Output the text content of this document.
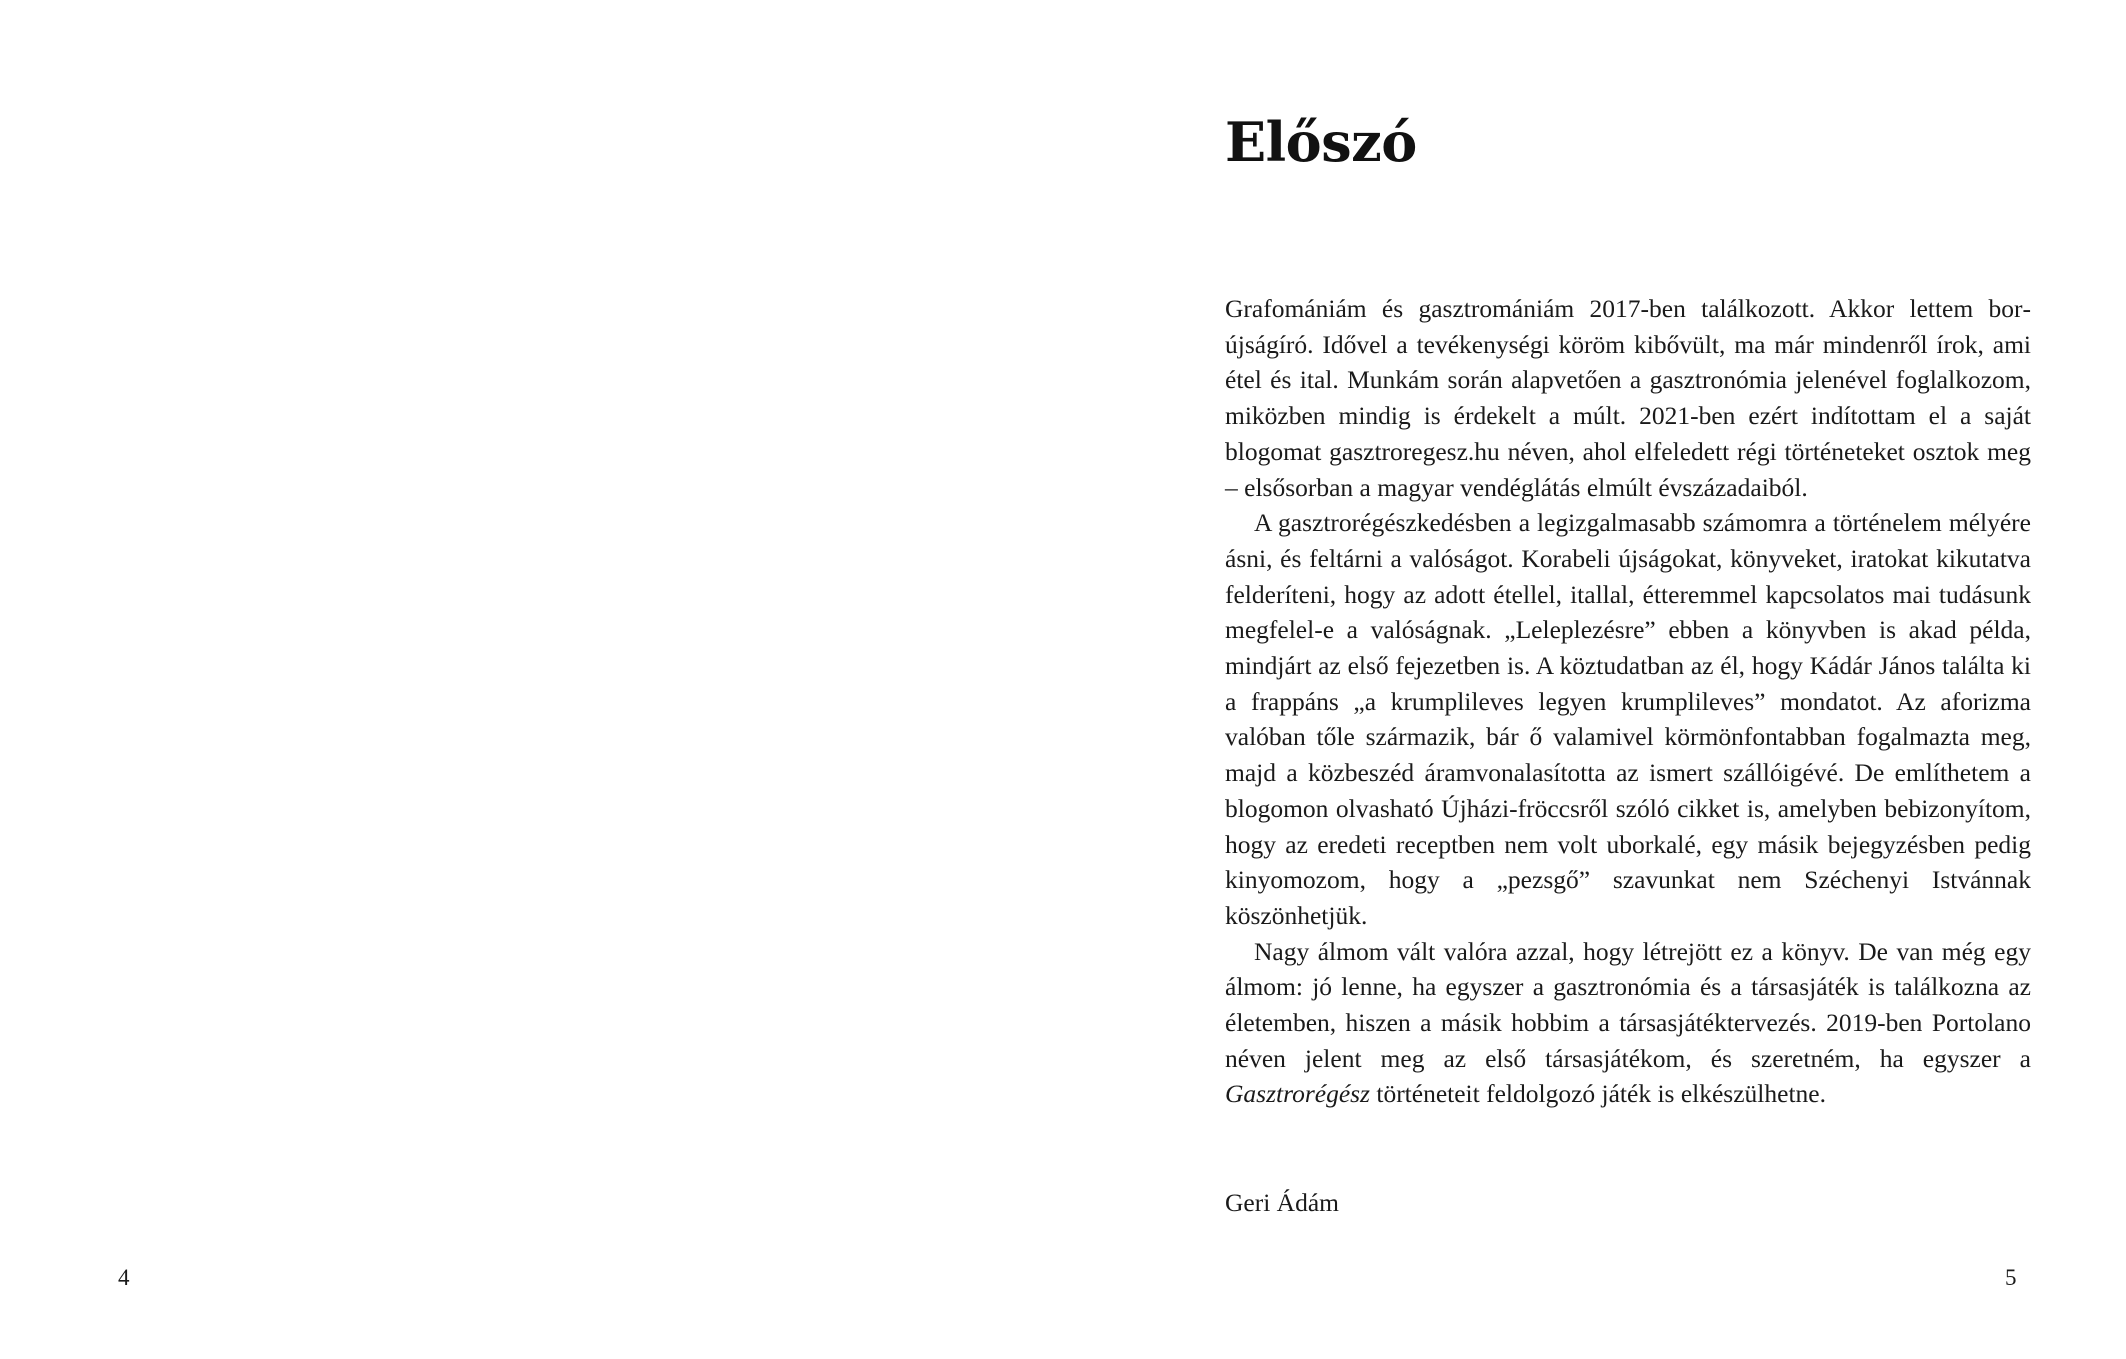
4
Előszó

Grafomániám és gasztromániám 2017-ben találkozott. Akkor lettem borújságíró. Idővel a tevékenységi köröm kibővült, ma már mindenről írok, ami étel és ital. Munkám során alapvetően a gasztronómia jelenével foglalkozom, miközben mindig is érdekelt a múlt. 2021-ben ezért indítottam el a saját blogomat gasztroregesz.hu néven, ahol elfeledett régi történeteket osztok meg – elsősorban a magyar vendéglátás elmúlt évszázadaiból.

A gasztrorégészkedésben a legizgalmasabb számomra a történelem mélyére ásni, és feltárni a valóságot. Korabeli újságokat, könyveket, iratokat kikutatva felderíteni, hogy az adott étellel, itallal, étteremmel kapcsolatos mai tudásunk megfelel-e a valóságnak. „Leleplezésre” ebben a könyvben is akad példa, mindjárt az első fejezetben is. A köztudatban az él, hogy Kádár János találta ki a frappáns „a krumplileves legyen krumplileves” mondatot. Az aforizma valóban tőle származik, bár ő valamivel körmönfontabban fogalmazta meg, majd a közbeszéd áramvonalasította az ismert szállóigévé. De említhetem a blogomon olvasható Újházi-fröccsről szóló cikket is, amelyben bebizonyítom, hogy az eredeti receptben nem volt uborkalé, egy másik bejegyzésben pedig kinyomozom, hogy a „pezsgő” szavunkat nem Széchenyi Istvánnak köszönhetjük.

Nagy álmom vált valóra azzal, hogy létrejött ez a könyv. De van még egy álmom: jó lenne, ha egyszer a gasztronómia és a társasjáték is találkozna az életemben, hiszen a másik hobbim a társasjátéktervezés. 2019-ben Portolano néven jelent meg az első társasjátékom, és szeretném, ha egyszer a Gasztrorégész történeteit feldolgozó játék is elkészülhetne.

Geri Ádám
5
